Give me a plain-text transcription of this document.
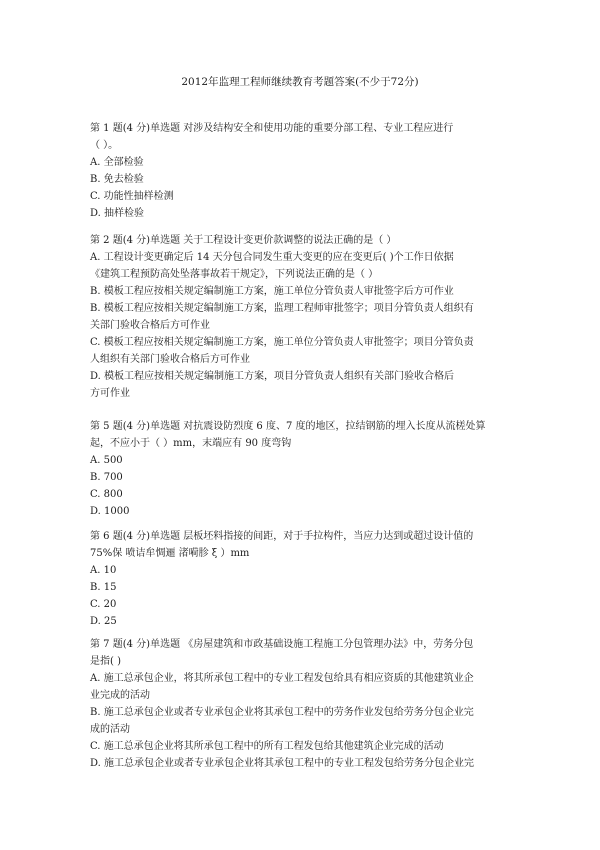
2012年监理工程师继续教育考题答案(不少于72分)
第 1 题(4 分)单选题 对涉及结构安全和使用功能的重要分部工程、专业工程应进行
（ ）。
A. 全部检验
B. 免去检验
C. 功能性抽样检测
D. 抽样检验
第 2 题(4 分)单选题 关于工程设计变更价款调整的说法正确的是（ ）
A. 工程设计变更确定后 14 天分包合同发生重大变更的应在变更后( )个工作日依据
《建筑工程预防高处坠落事故若干规定》，下列说法正确的是（ ）
B. 模板工程应按相关规定编制施工方案，施工单位分管负责人审批签字后方可作业
B. 模板工程应按相关规定编制施工方案，监理工程师审批签字；项目分管负责人组织有
关部门验收合格后方可作业
C. 模板工程应按相关规定编制施工方案，施工单位分管负责人审批签字；项目分管负责
人组织有关部门验收合格后方可作业
D. 模板工程应按相关规定编制施工方案，项目分管负责人组织有关部门验收合格后
方可作业
第 5 题(4 分)单选题 对抗震设防烈度 6 度、7 度的地区，拉结钢筋的埋入长度从流槎处算
起，不应小于（ ）mm，末端应有 90 度弯钩
A. 500
B. 700
C. 800
D. 1000
第 6 题(4 分)单选题 层板坯料指接的间距，对于手拉构件，当应力达到或超过设计值的
75%保 喷诘牟惆逦 渚嗬胗 ξ ）mm
A. 10
B. 15
C. 20
D. 25
第 7 题(4 分)单选题 《房屋建筑和市政基础设施工程施工分包管理办法》中，劳务分包
是指( )
A. 施工总承包企业，将其所承包工程中的专业工程发包给具有相应资质的其他建筑业企
业完成的活动
B. 施工总承包企业或者专业承包企业将其承包工程中的劳务作业发包给劳务分包企业完
成的活动
C. 施工总承包企业将其所承包工程中的所有工程发包给其他建筑企业完成的活动
D. 施工总承包企业或者专业承包企业将其承包工程中的专业工程发包给劳务分包企业完
